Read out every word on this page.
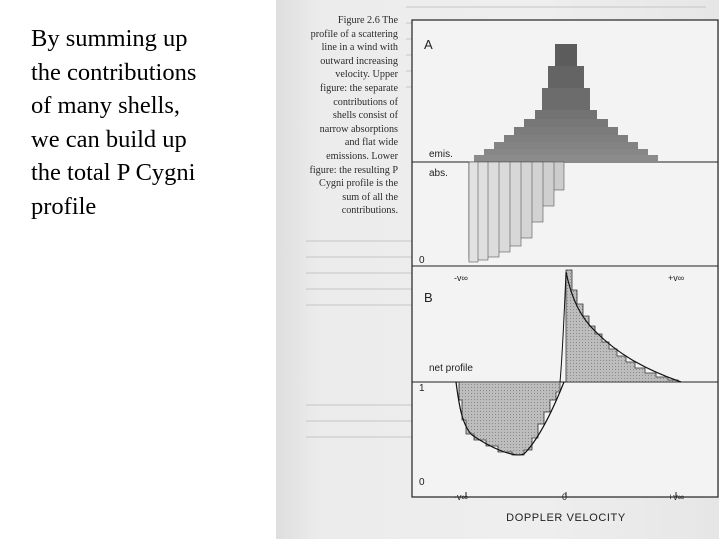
By summing up
the contributions
of many shells,
we can build up
the total P Cygni
profile
Figure 2.6 The
profile of a scattering
line in a wind with
outward increasing
velocity. Upper
figure: the separate
contributions of
shells consist of
narrow absorptions
and flat wide
emissions. Lower
figure: the resulting P
Cygni profile is the
sum of all the
contributions.
A
emis.
abs.
0
-v∞	+v∞
B
net profile
1
0
-v∞	0	+v∞
DOPPLER VELOCITY
